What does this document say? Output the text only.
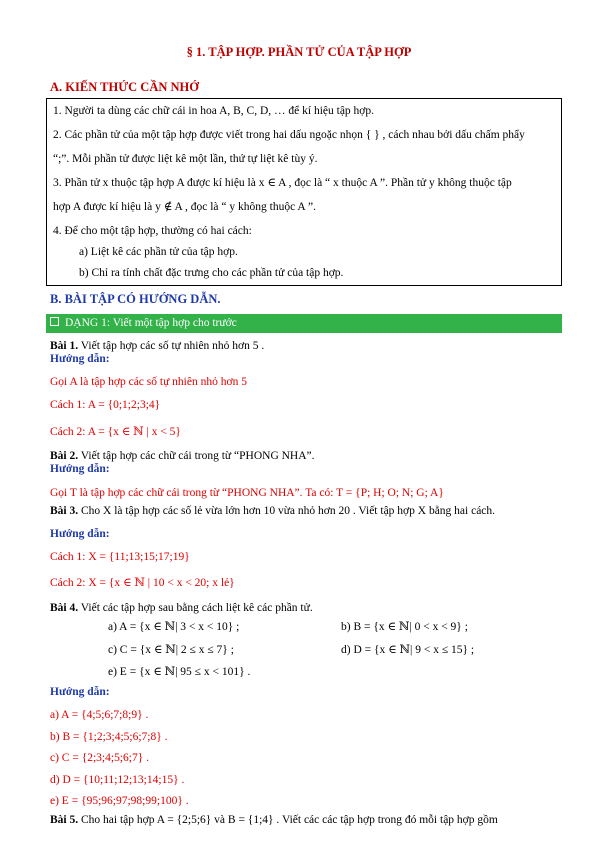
§ 1. TẬP HỢP. PHẦN TỬ CỦA TẬP HỢP
A. KIẾN THỨC CẦN NHỚ
1. Người ta dùng các chữ cái in hoa A, B, C, D, … để kí hiệu tập hợp.
2. Các phần tử của một tập hợp được viết trong hai dấu ngoặc nhọn { } , cách nhau bởi dấu chấm phẩy
“;”. Mỗi phần tử được liệt kê một lần, thứ tự liệt kê tùy ý.
3. Phần tử x thuộc tập hợp A được kí hiệu là x ∈ A , đọc là “ x thuộc A ”. Phần tử y không thuộc tập
hợp A được kí hiệu là y ∉ A , đọc là “ y không thuộc A ”.
4. Để cho một tập hợp, thường có hai cách:
a) Liệt kê các phần tử của tập hợp.
b) Chỉ ra tính chất đặc trưng cho các phần tử của tập hợp.
B. BÀI TẬP CÓ HƯỚNG DẪN.
DẠNG 1: Viết một tập hợp cho trước
Bài 1. Viết tập hợp các số tự nhiên nhỏ hơn 5 .
Hướng dẫn:
Gọi A là tập hợp các số tự nhiên nhỏ hơn 5
Cách 1: A = {0;1;2;3;4}
Cách 2: A = {x ∈ ℕ | x < 5}
Bài 2. Viết tập hợp các chữ cái trong từ “PHONG NHA”.
Hướng dẫn:
Gọi T là tập hợp các chữ cái trong từ “PHONG NHA”. Ta có: T = {P; H; O; N; G; A}
Bài 3. Cho X là tập hợp các số lẻ vừa lớn hơn 10 vừa nhỏ hơn 20 . Viết tập hợp X bằng hai cách.
Hướng dẫn:
Cách 1: X = {11;13;15;17;19}
Cách 2: X = {x ∈ ℕ | 10 < x < 20; x lẻ}
Bài 4. Viết các tập hợp sau bằng cách liệt kê các phần tử.
a) A = {x ∈ ℕ| 3 < x < 10} ;	b) B = {x ∈ ℕ| 0 < x < 9} ;
c) C = {x ∈ ℕ| 2 ≤ x ≤ 7} ;	d) D = {x ∈ ℕ| 9 < x ≤ 15} ;
e) E = {x ∈ ℕ| 95 ≤ x < 101} .
Hướng dẫn:
a) A = {4;5;6;7;8;9} .
b) B = {1;2;3;4;5;6;7;8} .
c) C = {2;3;4;5;6;7} .
d) D = {10;11;12;13;14;15} .
e) E = {95;96;97;98;99;100} .
Bài 5. Cho hai tập hợp A = {2;5;6} và B = {1;4} . Viết các các tập hợp trong đó mỗi tập hợp gồm
